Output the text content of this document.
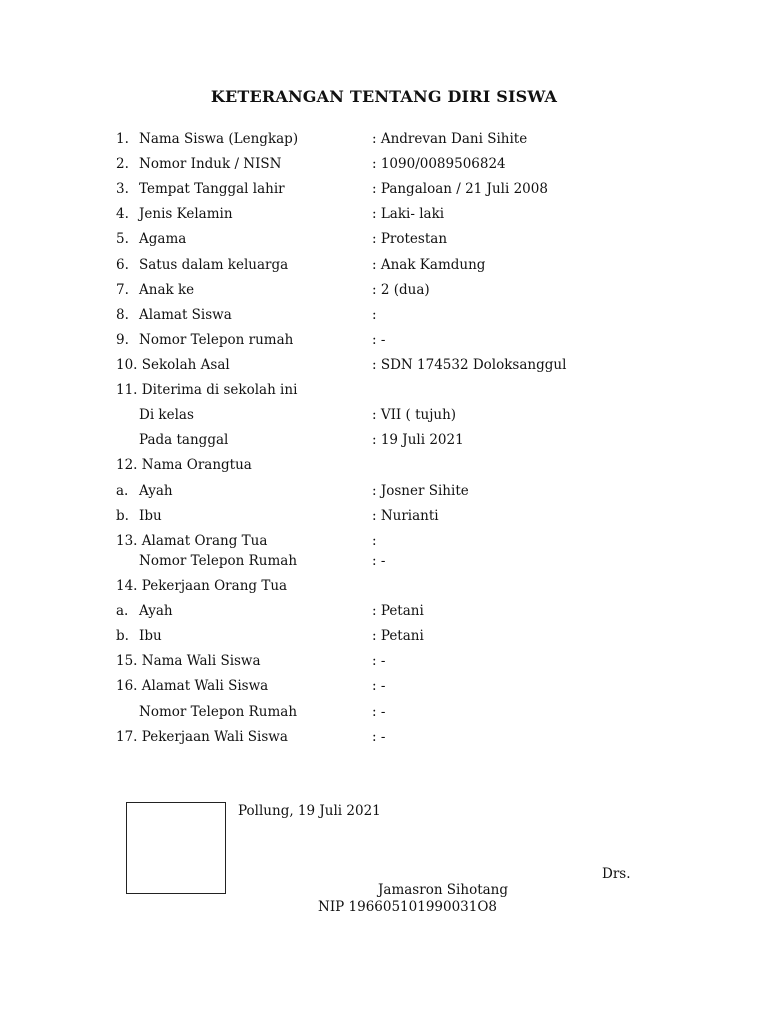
KETERANGAN TENTANG DIRI SISWA
1. Nama Siswa (Lengkap)	: Andrevan Dani Sihite
2. Nomor Induk / NISN	: 1090/0089506824
3. Tempat Tanggal lahir	: Pangaloan / 21 Juli 2008
4. Jenis Kelamin	: Laki- laki
5. Agama	: Protestan
6. Satus dalam keluarga	: Anak Kamdung
7. Anak ke	: 2 (dua)
8. Alamat Siswa	:
9. Nomor Telepon rumah	: -
10. Sekolah Asal	: SDN 174532 Doloksanggul
11. Diterima di sekolah ini
Di kelas	: VII ( tujuh)
Pada tanggal	: 19 Juli 2021
12. Nama Orangtua
a. Ayah	: Josner Sihite
b. Ibu	: Nurianti
13. Alamat Orang Tua	:
Nomor Telepon Rumah	: -
14. Pekerjaan Orang Tua
a. Ayah	: Petani
b. Ibu	: Petani
15. Nama Wali Siswa	: -
16. Alamat Wali Siswa	: -
Nomor Telepon Rumah	: -
17. Pekerjaan Wali Siswa	: -
Pollung, 19 Juli 2021
Drs.
Jamasron Sihotang
NIP 196605101990031O8
